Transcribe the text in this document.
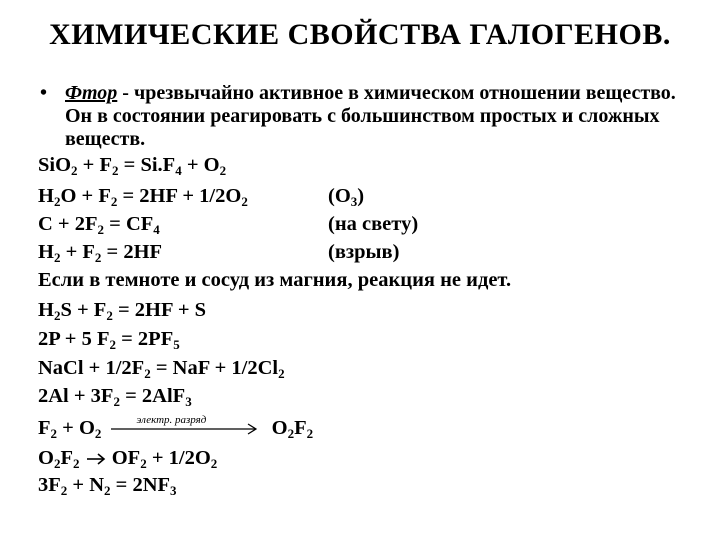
ХИМИЧЕСКИЕ СВОЙСТВА ГАЛОГЕНОВ.
• Фтор - чрезвычайно активное в химическом отношении вещество. Он в состоянии реагировать с большинством простых и сложных веществ.
$SiO_2 + F_2 = Si.F_4 + O_2$
$H_2O + F_2 = 2HF + 1/2O_2$	$(O_3)$
$C + 2F_2 = CF_4$	(на свету)
$H_2 + F_2 = 2HF$	(взрыв)
Если в темноте и сосуд из магния, реакция не идет.
$H_2S + F_2 = 2HF + S$
2P + 5 $F_2 = 2PF_5$
NaCl + $1/2F_2$ = NaF + $1/2Cl_2$
$2Al + 3F_2 = 2AlF_3$
$F_2 + O_2$
электр. разряд	$O_2F_2$
$O_2F_2$  $OF_2 + 1/2O_2$
$3F_2 + N_2 = 2NF_3$
